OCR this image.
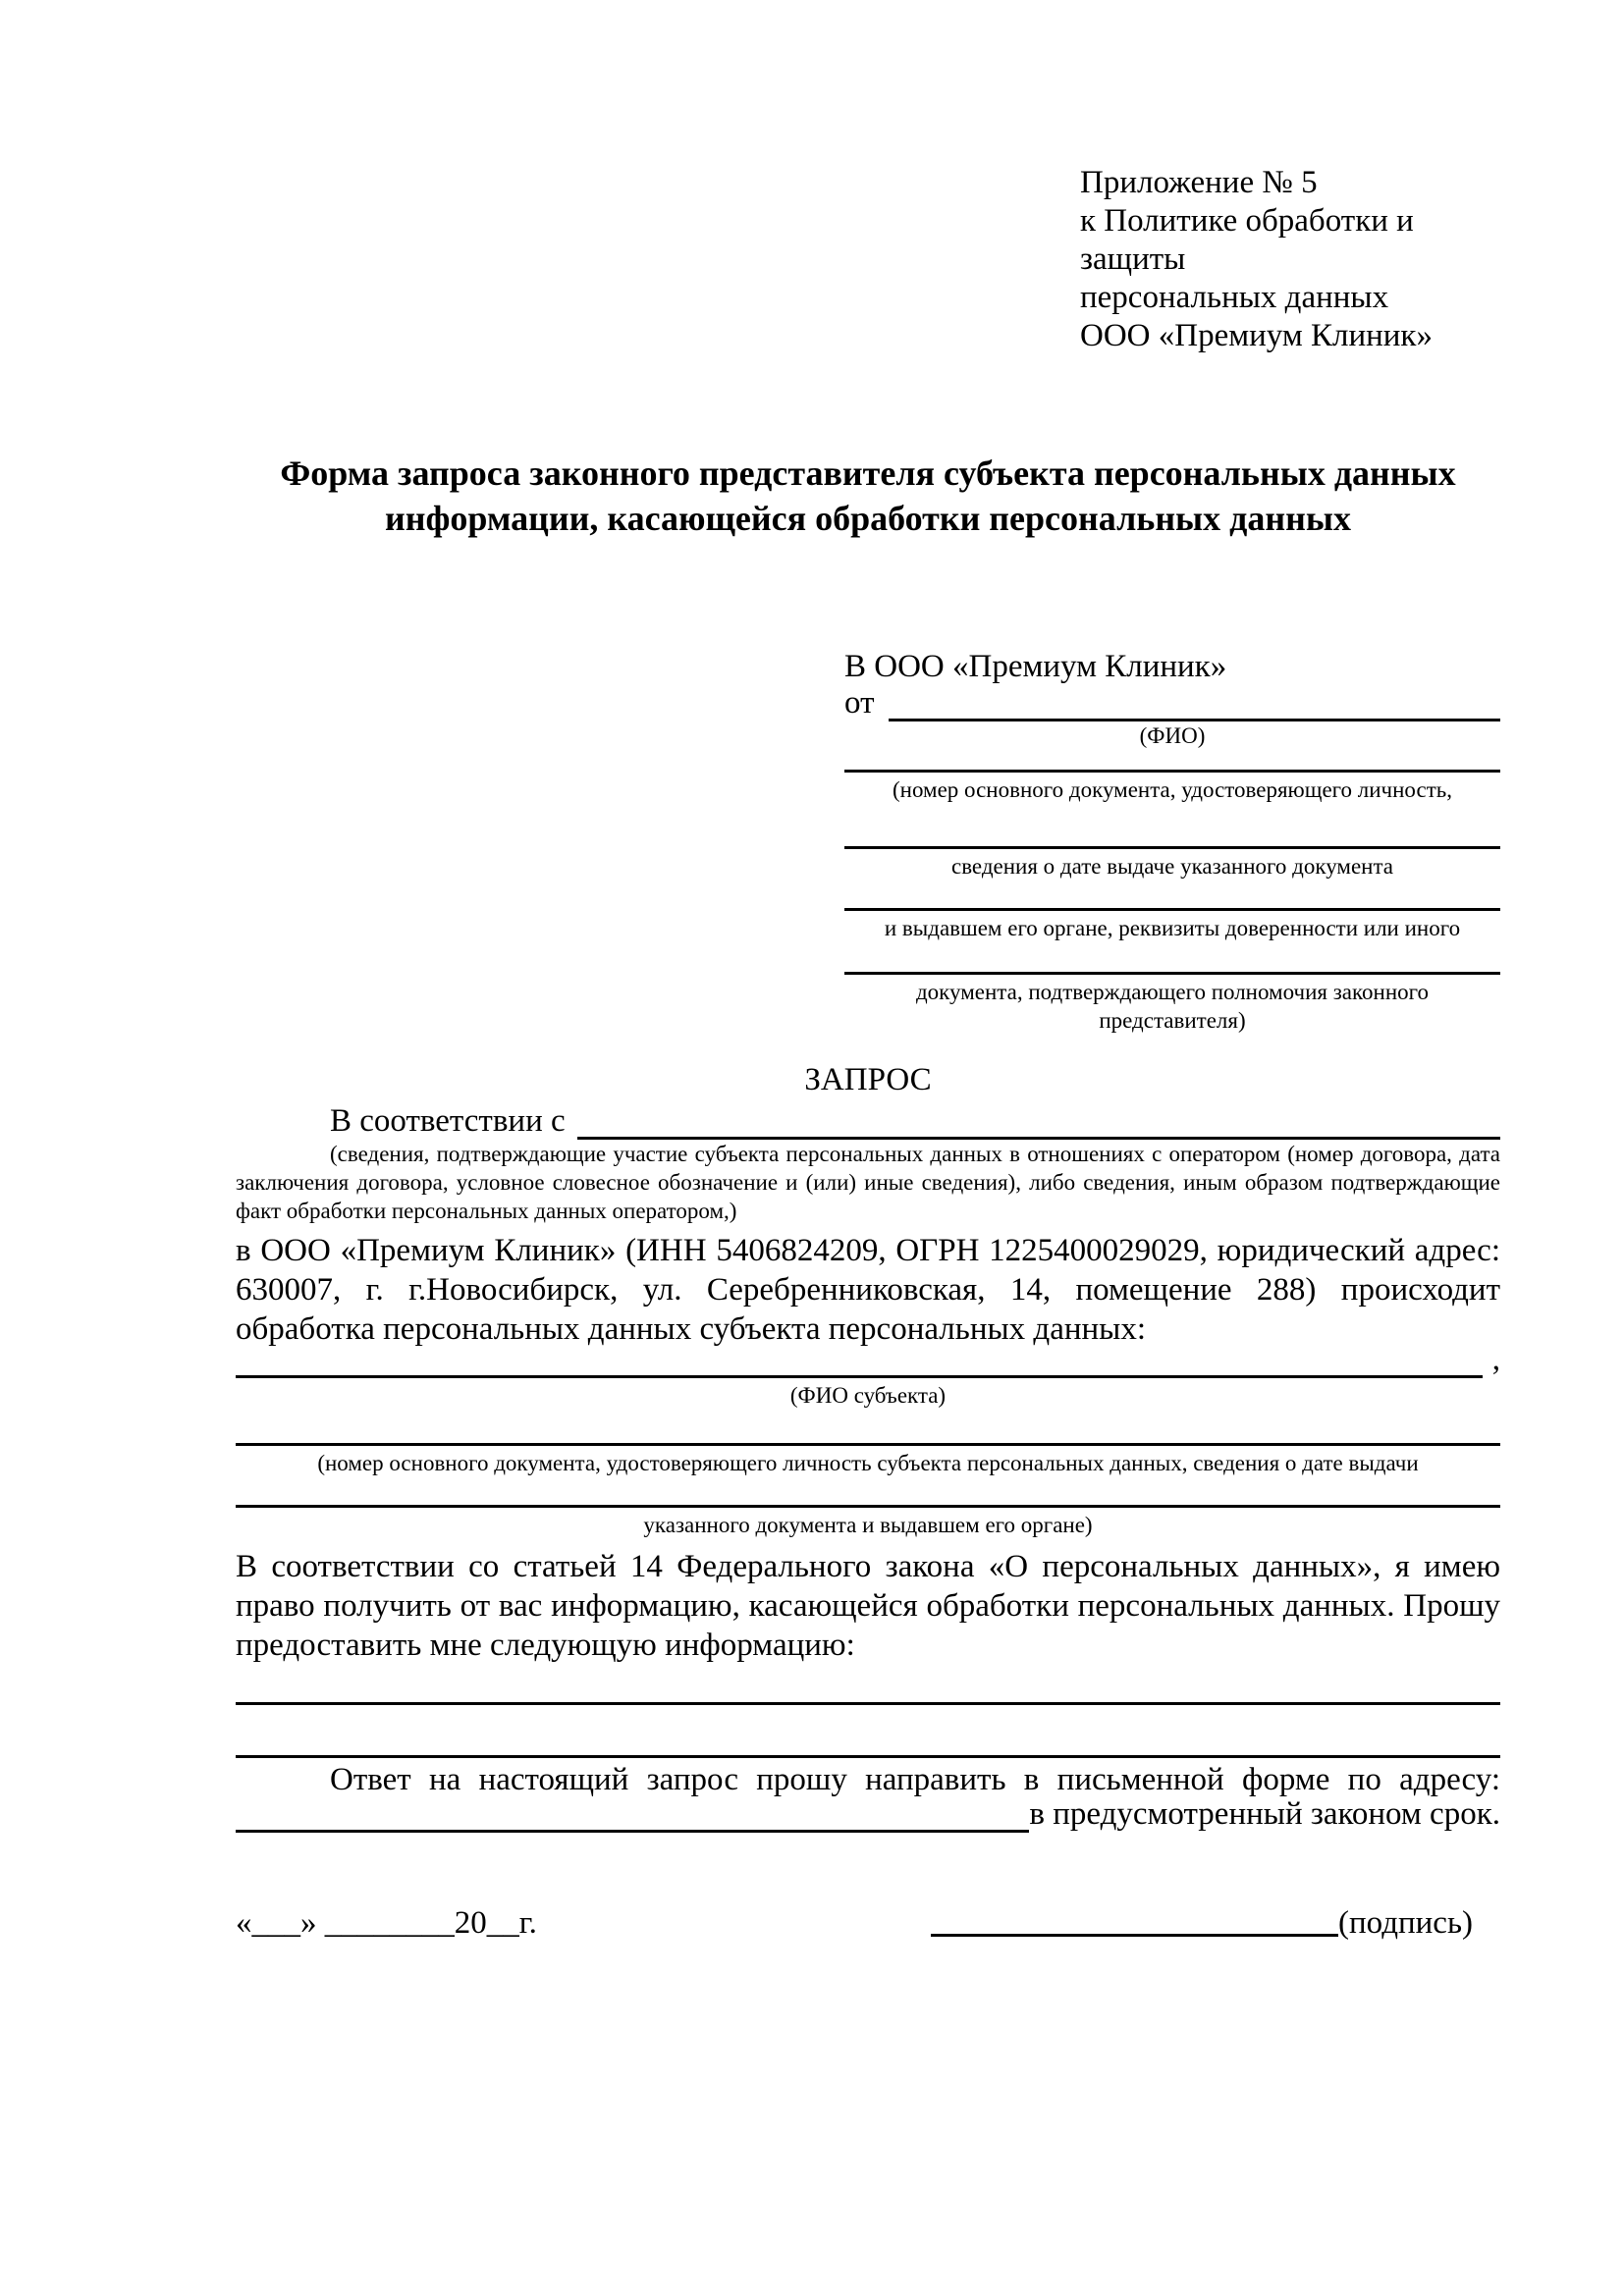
Приложение № 5
к Политике обработки и защиты
персональных данных
ООО «Премиум Клиник»
Форма запроса законного представителя субъекта персональных данных информации, касающейся обработки персональных данных
В ООО «Премиум Клиник»
от
(ФИО)
(номер основного документа, удостоверяющего личность,
сведения о дате выдаче указанного документа
и выдавшем его органе, реквизиты доверенности или иного
документа, подтверждающего полномочия законного представителя)
ЗАПРОС
В соответствии с
(сведения, подтверждающие участие субъекта персональных данных в отношениях с оператором (номер договора, дата заключения договора, условное словесное обозначение и (или) иные сведения), либо сведения, иным образом подтверждающие факт обработки персональных данных оператором,)

в ООО «Премиум Клиник» (ИНН 5406824209, ОГРН 1225400029029, юридический адрес: 630007, г. г.Новосибирск, ул. Серебренниковская, 14, помещение 288) происходит обработка персональных данных субъекта персональных данных:

,
(ФИО субъекта)
(номер основного документа, удостоверяющего личность субъекта персональных данных, сведения о дате выдачи
указанного документа и выдавшем его органе)

В соответствии со статьей 14 Федерального закона «О персональных данных», я имею право получить от вас информацию, касающейся обработки персональных данных. Прошу предоставить мне следующую информацию:

Ответ на настоящий запрос прошу направить в письменной форме по адресу:

в предусмотренный законом срок.
«___» ________20__г.	(подпись)
